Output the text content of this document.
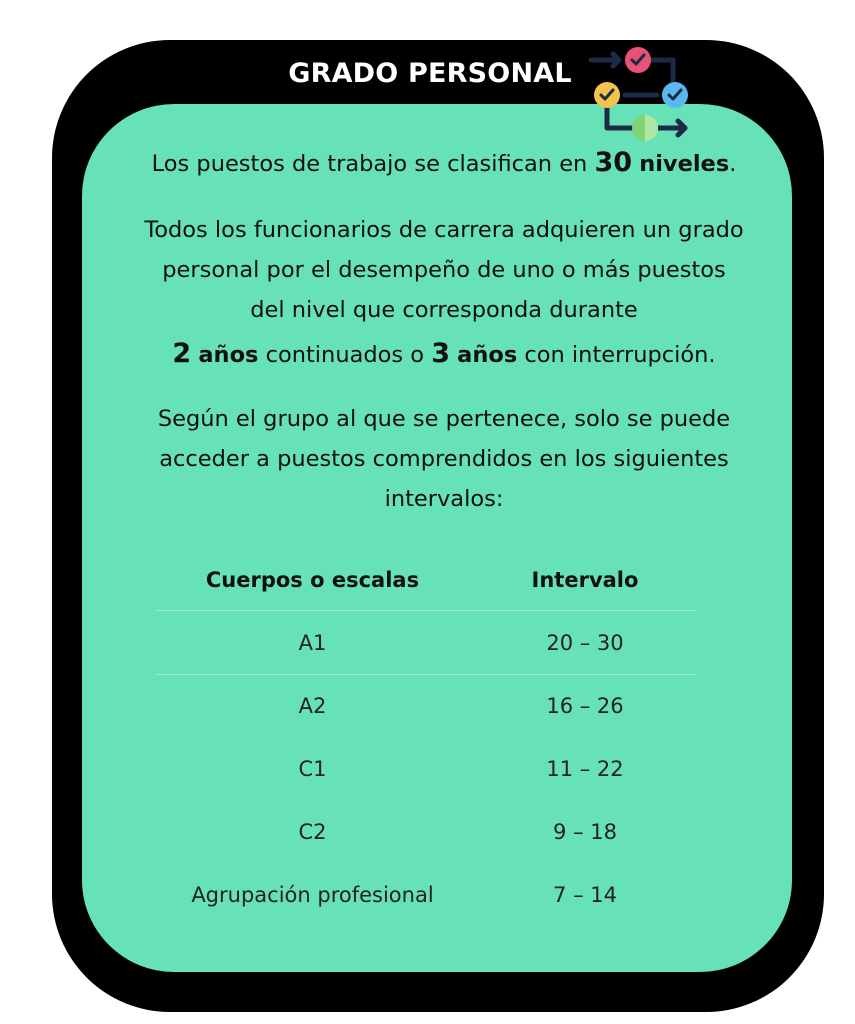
GRADO PERSONAL
Los puestos de trabajo se clasifican en 30 niveles.
Todos los funcionarios de carrera adquieren un grado personal por el desempeño de uno o más puestos del nivel que corresponda durante
2 años continuados o 3 años con interrupción.
Según el grupo al que se pertenece, solo se puede acceder a puestos comprendidos en los siguientes intervalos:
Cuerpos o escalas	Intervalo
A1	20 – 30
A2	16 – 26
C1	11 – 22
C2	9 – 18
Agrupación profesional	7 – 14
